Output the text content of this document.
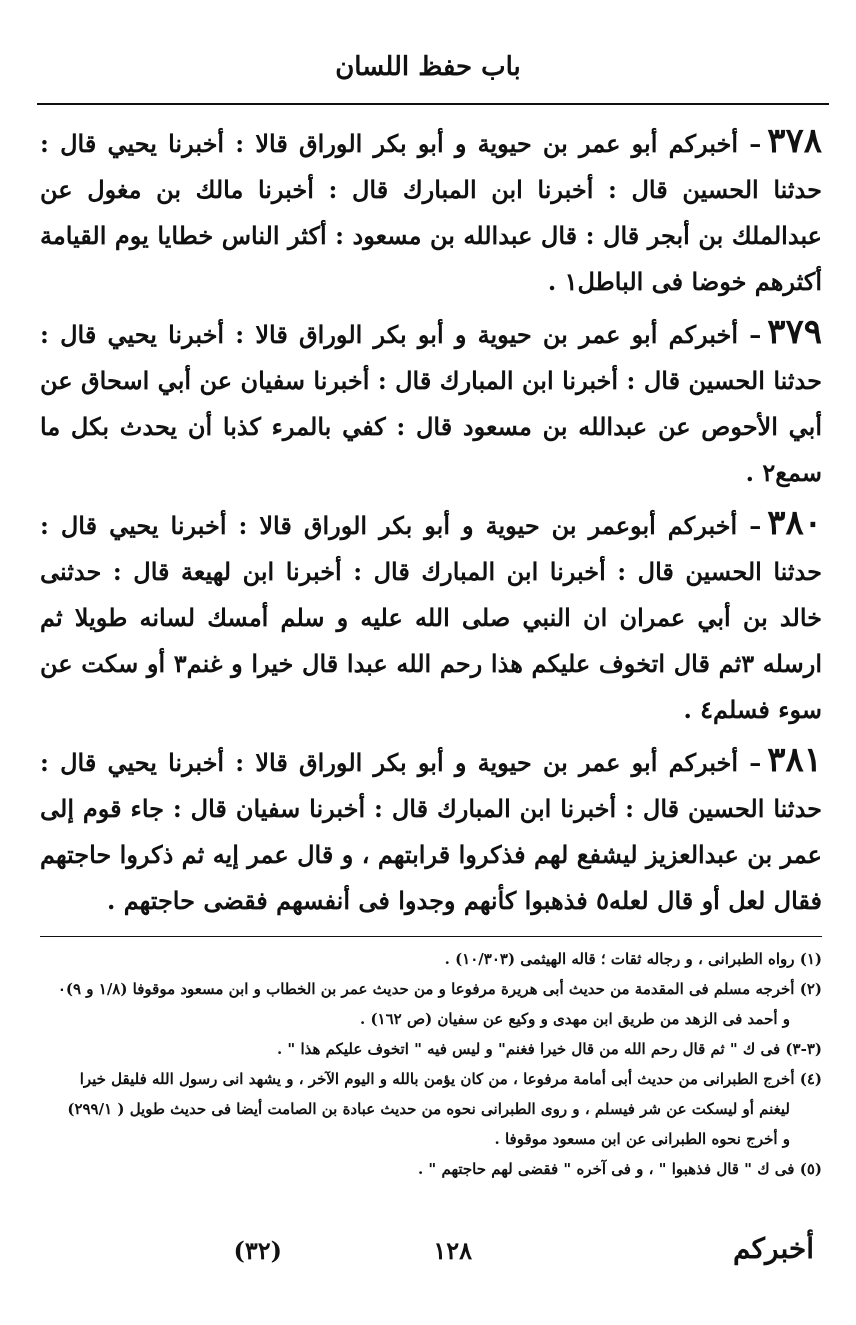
باب حفظ اللسان

٣٧٨– أخبركم أبو عمر بن حيوية و أبو بكر الوراق قالا : أخبرنا يحيي قال : حدثنا الحسين قال : أخبرنا ابن المبارك قال : أخبرنا مالك بن مغول عن عبدالملك بن أبجر قال : قال عبدالله بن مسعود : أكثر الناس خطايا يوم القيامة أكثرهم خوضا فى الباطل١ .

٣٧٩– أخبركم أبو عمر بن حيوية و أبو بكر الوراق قالا : أخبرنا يحيي قال : حدثنا الحسين قال : أخبرنا ابن المبارك قال : أخبرنا سفيان عن أبي اسحاق عن أبي الأحوص عن عبدالله بن مسعود قال : كفي بالمرء كذبا أن يحدث بكل ما سمع٢ .

٣٨٠– أخبركم أبوعمر بن حيوية و أبو بكر الوراق قالا : أخبرنا يحيي قال : حدثنا الحسين قال : أخبرنا ابن المبارك قال : أخبرنا ابن لهيعة قال : حدثنى خالد بن أبي عمران ان النبي صلى الله عليه و سلم أمسك لسانه طويلا ثم ارسله ٣ثم قال اتخوف عليكم هذا رحم الله عبدا قال خيرا و غنم٣ أو سكت عن سوء فسلم٤ .

٣٨١– أخبركم أبو عمر بن حيوية و أبو بكر الوراق قالا : أخبرنا يحيي قال : حدثنا الحسين قال : أخبرنا ابن المبارك قال : أخبرنا سفيان قال : جاء قوم إلى عمر بن عبدالعزيز ليشفع لهم فذكروا قرابتهم ، و قال عمر إيه ثم ذكروا حاجتهم فقال لعل أو قال لعله٥ فذهبوا كأنهم وجدوا فى أنفسهم فقضى حاجتهم .

(١) رواه الطبرانى ، و رجاله ثقات ؛ قاله الهيثمى (١٠/٣٠٣) .
(٢) أخرجه مسلم فى المقدمة من حديث أبى هريرة مرفوعا و من حديث عمر بن الخطاب و ابن مسعود موقوفا (١/٨ و ٩)٠
و أحمد فى الزهد من طريق ابن مهدى و وكيع عن سفيان (ص ١٦٢) .
(٣-٣) فى ك " ثم قال رحم الله من قال خيرا فغنم" و ليس فيه " اتخوف عليكم هذا " .
(٤) أخرج الطبرانى من حديث أبى أمامة مرفوعا ، من كان يؤمن بالله و اليوم الآخر ، و يشهد انى رسول الله فليقل خيرا
ليغنم أو ليسكت عن شر فيسلم ، و روى الطبرانى نحوه من حديث عبادة بن الصامت أيضا فى حديث طويل ( ٢٩٩/١)
و أخرج نحوه الطبرانى عن ابن مسعود موقوفا .
(٥) فى ك " قال فذهبوا " ، و فى آخره " فقضى لهم حاجتهم " .
أخبركم
١٢٨
(٣٢)
